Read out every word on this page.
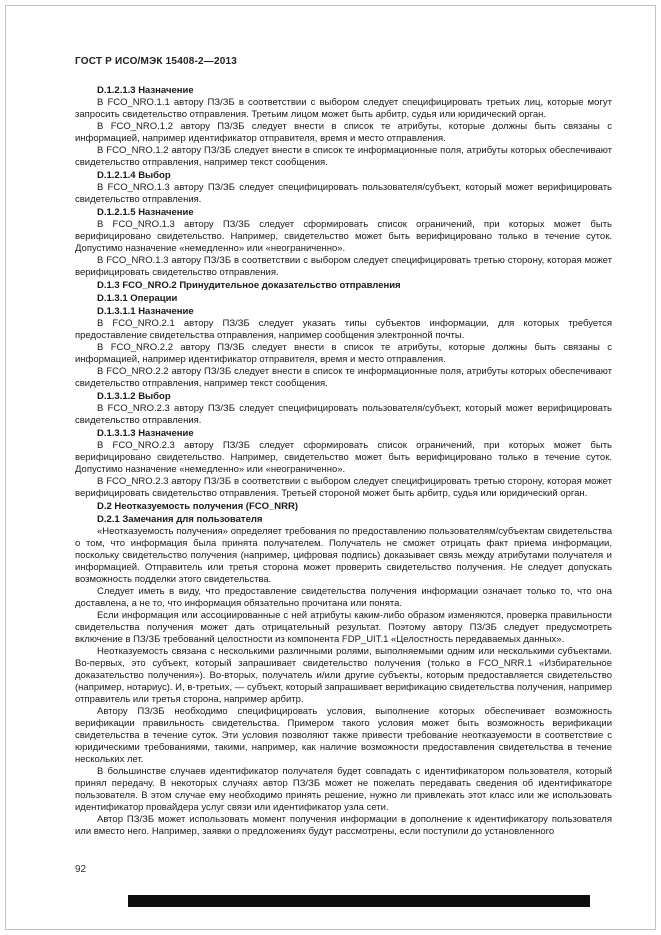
ГОСТ Р ИСО/МЭК 15408-2—2013

D.1.2.1.3 Назначение

В FCO_NRO.1.1 автору ПЗ/ЗБ в соответствии с выбором следует специфицировать третьих лиц, которые могут запросить свидетельство отправления. Третьим лицом может быть арбитр, судья или юридический орган.

В FCO_NRO.1.2 автору ПЗ/ЗБ следует внести в список те атрибуты, которые должны быть связаны с информацией, например идентификатор отправителя, время и место отправления.

В FCO_NRO.1.2 автору ПЗ/ЗБ следует внести в список те информационные поля, атрибуты которых обеспечивают свидетельство отправления, например текст сообщения.

D.1.2.1.4 Выбор

В FCO_NRO.1.3 автору ПЗ/ЗБ следует специфицировать пользователя/субъект, который может верифицировать свидетельство отправления.

D.1.2.1.5 Назначение

В FCO_NRO.1.3 автору ПЗ/ЗБ следует сформировать список ограничений, при которых может быть верифицировано свидетельство. Например, свидетельство может быть верифицировано только в течение суток. Допустимо назначение «немедленно» или «неограниченно».

В FCO_NRO.1.3 автору ПЗ/ЗБ в соответствии с выбором следует специфицировать третью сторону, которая может верифицировать свидетельство отправления.

D.1.3 FCO_NRO.2 Принудительное доказательство отправления

D.1.3.1 Операции

D.1.3.1.1 Назначение

В FCO_NRO.2.1 автору ПЗ/ЗБ следует указать типы субъектов информации, для которых требуется предоставление свидетельства отправления, например сообщения электронной почты.

В FCO_NRO.2.2 автору ПЗ/ЗБ следует внести в список те атрибуты, которые должны быть связаны с информацией, например идентификатор отправителя, время и место отправления.

В FCO_NRO.2.2 автору ПЗ/ЗБ следует внести в список те информационные поля, атрибуты которых обеспечивают свидетельство отправления, например текст сообщения.

D.1.3.1.2 Выбор

В FCO_NRO.2.3 автору ПЗ/ЗБ следует специфицировать пользователя/субъект, который может верифицировать свидетельство отправления.

D.1.3.1.3 Назначение

В FCO_NRO.2.3 автору ПЗ/ЗБ следует сформировать список ограничений, при которых может быть верифицировано свидетельство. Например, свидетельство может быть верифицировано только в течение суток. Допустимо назначение «немедленно» или «неограниченно».

В FCO_NRO.2.3 автору ПЗ/ЗБ в соответствии с выбором следует специфицировать третью сторону, которая может верифицировать свидетельство отправления. Третьей стороной может быть арбитр, судья или юридический орган.

D.2 Неотказуемость получения (FCO_NRR)

D.2.1 Замечания для пользователя

«Неотказуемость получения» определяет требования по предоставлению пользователям/субъектам свидетельства о том, что информация была принята получателем. Получатель не сможет отрицать факт приема информации, поскольку свидетельство получения (например, цифровая подпись) доказывает связь между атрибутами получателя и информацией. Отправитель или третья сторона может проверить свидетельство получения. Не следует допускать возможность подделки этого свидетельства.

Следует иметь в виду, что предоставление свидетельства получения информации означает только то, что она доставлена, а не то, что информация обязательно прочитана или понята.

Если информация или ассоциированные с ней атрибуты каким-либо образом изменяются, проверка правильности свидетельства получения может дать отрицательный результат. Поэтому автору ПЗ/ЗБ следует предусмотреть включение в ПЗ/ЗБ требований целостности из компонента FDP_UIT.1 «Целостность передаваемых данных».

Неотказуемость связана с несколькими различными ролями, выполняемыми одним или несколькими субъектами. Во-первых, это субъект, который запрашивает свидетельство получения (только в FCO_NRR.1 «Избирательное доказательство получения»). Во-вторых, получатель и/или другие субъекты, которым предоставляется свидетельство (например, нотариус). И, в-третьих, — субъект, который запрашивает верификацию свидетельства получения, например отправитель или третья сторона, например арбитр.

Автору ПЗ/ЗБ необходимо специфицировать условия, выполнение которых обеспечивает возможность верификации правильность свидетельства. Примером такого условия может быть возможность верификации свидетельства в течение суток. Эти условия позволяют также привести требование неотказуемости в соответствие с юридическими требованиями, такими, например, как наличие возможности предоставления свидетельства в течение нескольких лет.

В большинстве случаев идентификатор получателя будет совпадать с идентификатором пользователя, который принял передачу. В некоторых случаях автор ПЗ/ЗБ может не пожелать передавать сведения об идентификаторе пользователя. В этом случае ему необходимо принять решение, нужно ли привлекать этот класс или же использовать идентификатор провайдера услуг связи или идентификатор узла сети.

Автор ПЗ/ЗБ может использовать момент получения информации в дополнение к идентификатору пользователя или вместо него. Например, заявки о предложениях будут рассмотрены, если поступили до установленного

92
